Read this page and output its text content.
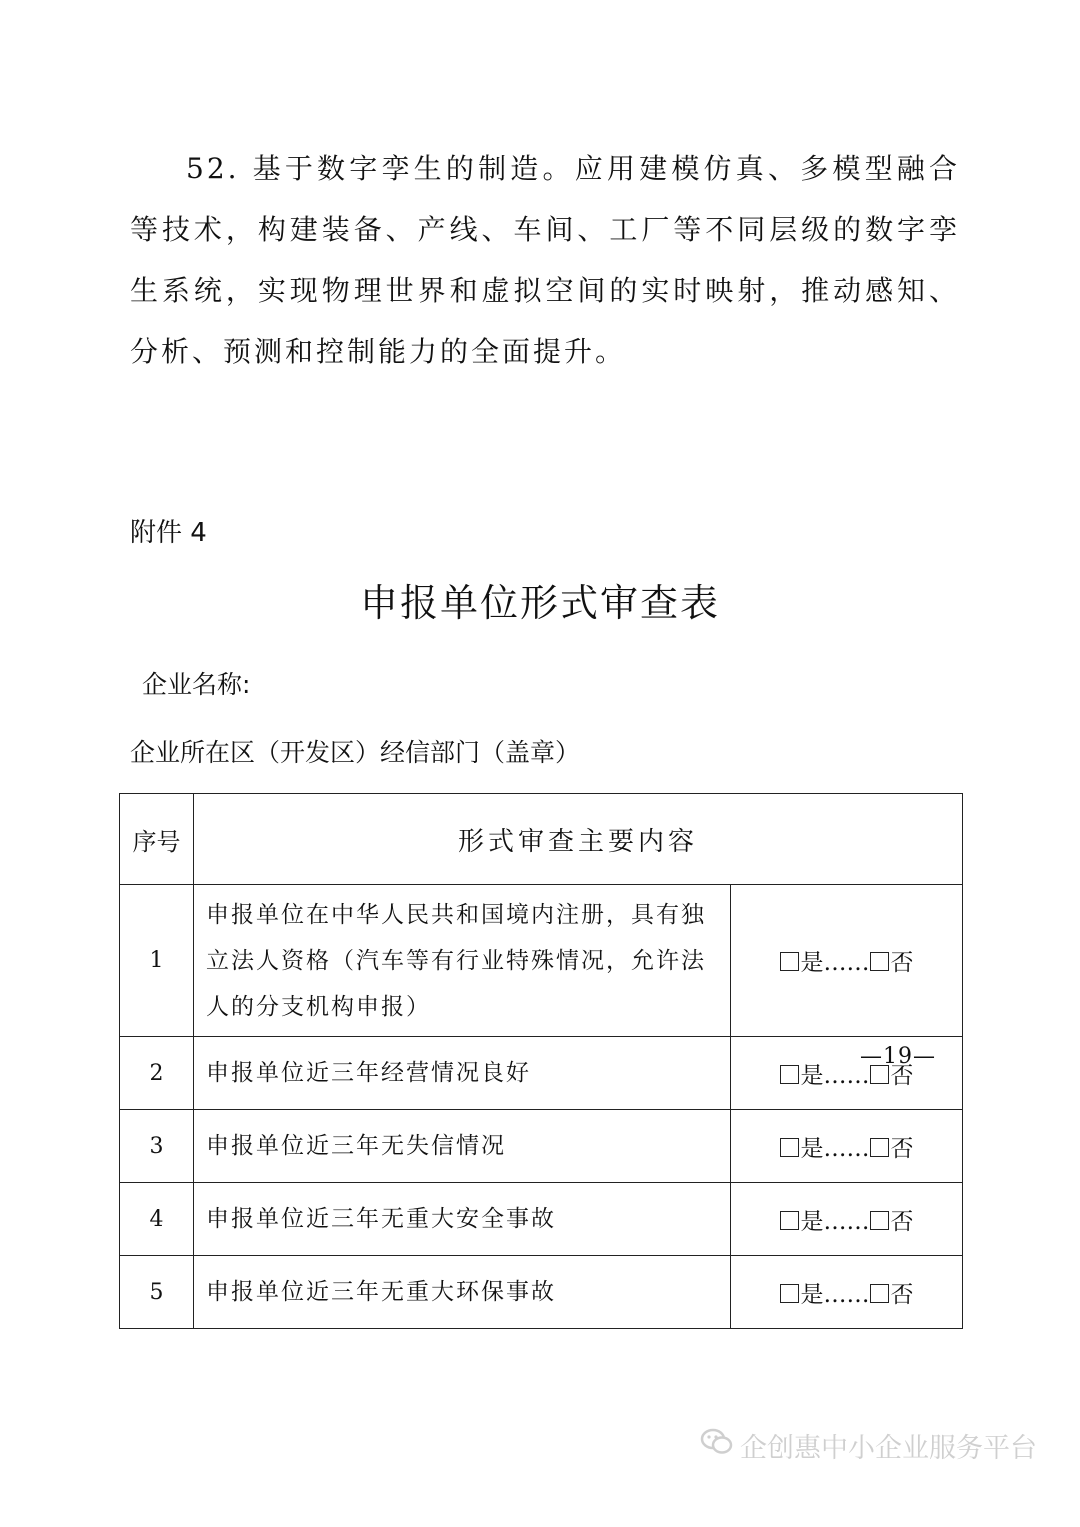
52. 基于数字孪生的制造。应用建模仿真、多模型融合等技术，构建装备、产线、车间、工厂等不同层级的数字孪生系统，实现物理世界和虚拟空间的实时映射，推动感知、分析、预测和控制能力的全面提升。

附件 4
申报单位形式审查表
企业名称:
企业所在区（开发区）经信部门（盖章）
序号	形式审查主要内容	
1	申报单位在中华人民共和国境内注册，具有独立法人资格（汽车等有行业特殊情况，允许法人的分支机构申报）	是…… 否
2	申报单位近三年经营情况良好	是…… 否
3	申报单位近三年无失信情况	是…… 否
4	申报单位近三年无重大安全事故	是…… 否
5	申报单位近三年无重大环保事故	是…… 否
—19—
企创惠中小企业服务平台
